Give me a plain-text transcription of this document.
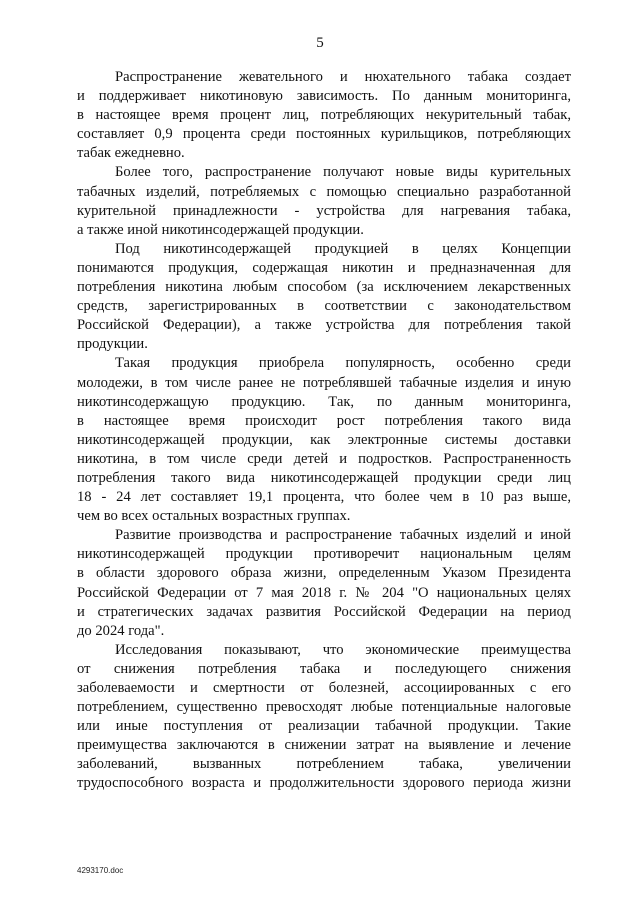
5

Распространение жевательного и нюхательного табака создает
и поддерживает никотиновую зависимость. По данным мониторинга,
в настоящее время процент лиц, потребляющих некурительный табак,
составляет 0,9 процента среди постоянных курильщиков, потребляющих
табак ежедневно.

Более того, распространение получают новые виды курительных
табачных изделий, потребляемых с помощью специально разработанной
курительной принадлежности - устройства для нагревания табака,
а также иной никотинсодержащей продукции.

Под никотинсодержащей продукцией в целях Концепции
понимаются продукция, содержащая никотин и предназначенная для
потребления никотина любым способом (за исключением лекарственных
средств, зарегистрированных в соответствии с законодательством
Российской Федерации), а также устройства для потребления такой
продукции.

Такая продукция приобрела популярность, особенно среди
молодежи, в том числе ранее не потреблявшей табачные изделия и иную
никотинсодержащую продукцию. Так, по данным мониторинга,
в настоящее время происходит рост потребления такого вида
никотинсодержащей продукции, как электронные системы доставки
никотина, в том числе среди детей и подростков. Распространенность
потребления такого вида никотинсодержащей продукции среди лиц
18 - 24 лет составляет 19,1 процента, что более чем в 10 раз выше,
чем во всех остальных возрастных группах.

Развитие производства и распространение табачных изделий и иной
никотинсодержащей продукции противоречит национальным целям
в области здорового образа жизни, определенным Указом Президента
Российской Федерации от 7 мая 2018 г. № 204 "О национальных целях
и стратегических задачах развития Российской Федерации на период
до 2024 года".

Исследования показывают, что экономические преимущества
от снижения потребления табака и последующего снижения
заболеваемости и смертности от болезней, ассоциированных с его
потреблением, существенно превосходят любые потенциальные налоговые
или иные поступления от реализации табачной продукции. Такие
преимущества заключаются в снижении затрат на выявление и лечение
заболеваний, вызванных потреблением табака, увеличении
трудоспособного возраста и продолжительности здорового периода жизни

4293170.doc
